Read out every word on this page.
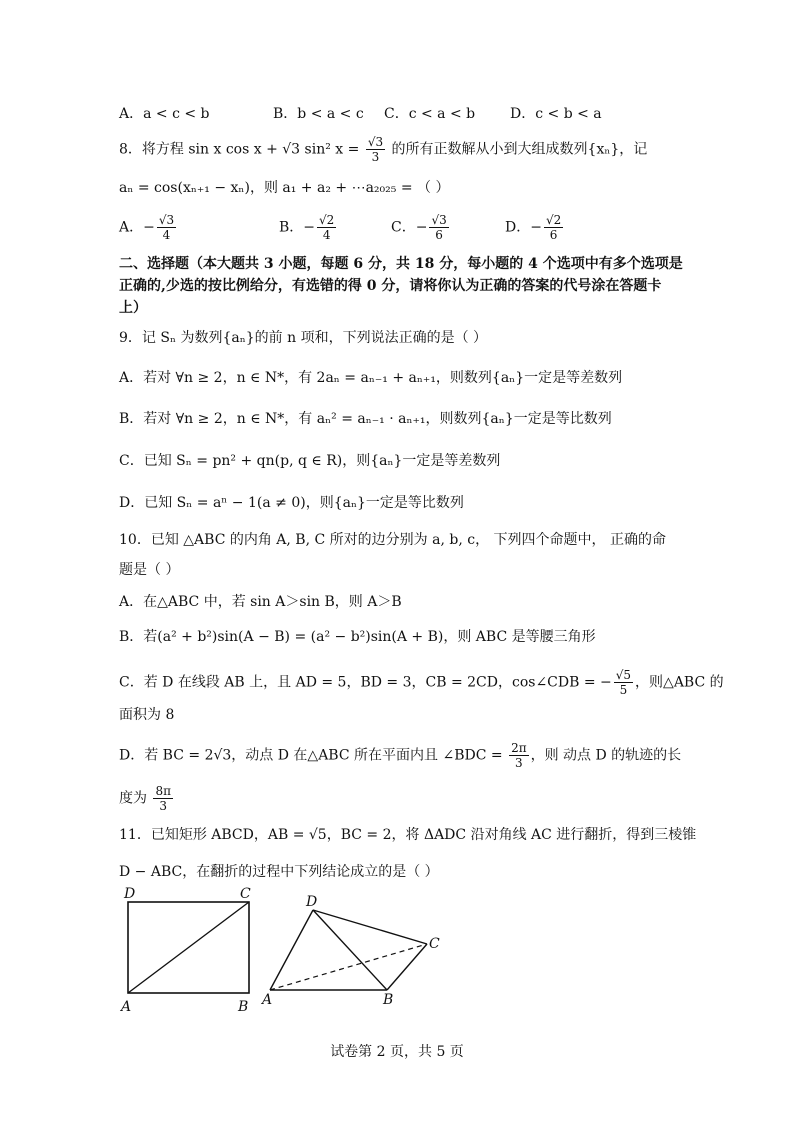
A．a < c < b	B．b < a < c C．c < a < b D．c < b < a
8．将方程 sin x cos x + √3 sin² $x = \frac{√3}{3}$ 的所有正数解从小到大组成数列{xₙ}，记
aₙ = cos(xₙ₊₁ − xₙ)，则 a₁ + a₂ + ⋯a₂₀₂₅ = （ ）
A．− $\frac{√3}{4}$	B．− $\frac{√2}{4}$	C．− $\frac{√3}{6}$	D．− $\frac{√2}{6}$
二、选择题（本大题共 3 小题，每题 6 分，共 18 分，每小题的 4 个选项中有多个选项是
正确的,少选的按比例给分，有选错的得 0 分，请将你认为正确的答案的代号涂在答题卡
上）
9．记 Sₙ 为数列{aₙ}的前 n 项和，下列说法正确的是（ ）
A．若对 ∀n ≥ 2，n ∈ N*，有 2aₙ = aₙ₋₁ + aₙ₊₁，则数列{aₙ}一定是等差数列
B．若对 ∀n ≥ 2，n ∈ N*，有 aₙ² = aₙ₋₁ · aₙ₊₁，则数列{aₙ}一定是等比数列
C．已知 Sₙ = pn² + qn(p, q ∈ R)，则{aₙ}一定是等差数列
D．已知 Sₙ = aⁿ − 1(a ≠ 0)，则{aₙ}一定是等比数列
10．已知 △ABC 的内角 A, B, C 所对的边分别为 a, b, c， 下列四个命题中， 正确的命
题是（ ）
A．在△ABC 中，若 sin A＞sin B，则 A＞B
B．若(a² + b²)sin(A − B) = (a² − b²)sin(A + B)，则 ABC 是等腰三角形
C．若 D 在线段 AB 上，且 AD = 5，BD = 3，CB = 2CD，cos∠CDB = − $\frac{√5}{5}$ ，则△ABC 的
面积为 8
D．若 BC = 2√3，动点 D 在△ABC 所在平面内且 ∠BDC = $\frac{2\pi}{3}$ ，则 动点 D 的轨迹的长
度为 $\frac{8\pi}{3}$
11．已知矩形 ABCD，AB = √5，BC = 2，将 ΔADC 沿对角线 AC 进行翻折，得到三棱锥
D − ABC，在翻折的过程中下列结论成立的是（ ）
D	C
A	B
D
C
A	B
试卷第 2 页，共 5 页
